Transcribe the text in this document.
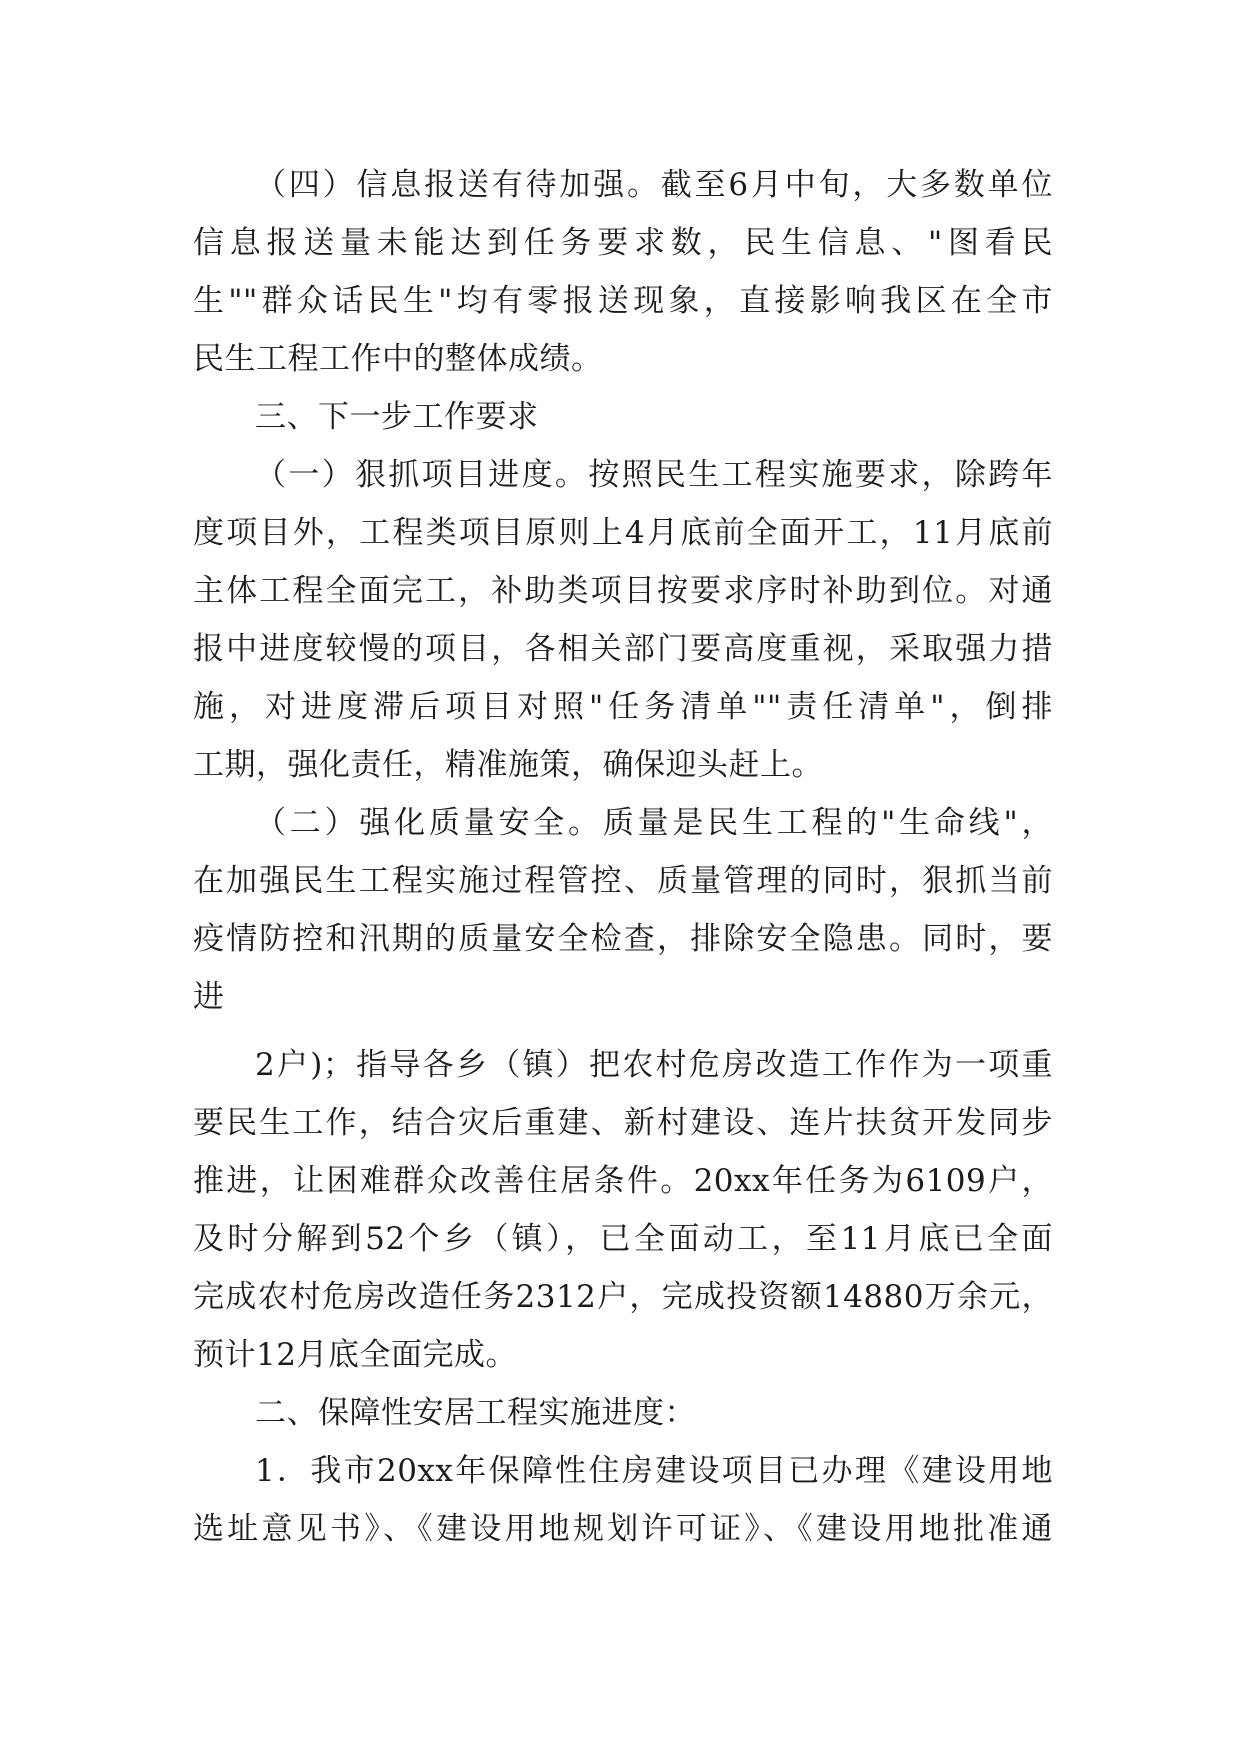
（四）信息报送有待加强。截至6月中旬，大多数单位
信息报送量未能达到任务要求数，民生信息、"图看民
生""群众话民生"均有零报送现象，直接影响我区在全市
民生工程工作中的整体成绩。
三、下一步工作要求
（一）狠抓项目进度。按照民生工程实施要求，除跨年
度项目外，工程类项目原则上4月底前全面开工，11月底前
主体工程全面完工，补助类项目按要求序时补助到位。对通
报中进度较慢的项目，各相关部门要高度重视，采取强力措
施，对进度滞后项目对照"任务清单""责任清单"，倒排
工期，强化责任，精准施策，确保迎头赶上。
（二）强化质量安全。质量是民生工程的"生命线"，
在加强民生工程实施过程管控、质量管理的同时，狠抓当前
疫情防控和汛期的质量安全检查，排除安全隐患。同时，要
进
2户)；指导各乡（镇）把农村危房改造工作作为一项重
要民生工作，结合灾后重建、新村建设、连片扶贫开发同步
推进，让困难群众改善住居条件。20xx年任务为6109户，
及时分解到52个乡（镇），已全面动工，至11月底已全面
完成农村危房改造任务2312户，完成投资额14880万余元，
预计12月底全面完成。
二、保障性安居工程实施进度：
1．我市20xx年保障性住房建设项目已办理《建设用地
选址意见书》、《建设用地规划许可证》、《建设用地批准通
